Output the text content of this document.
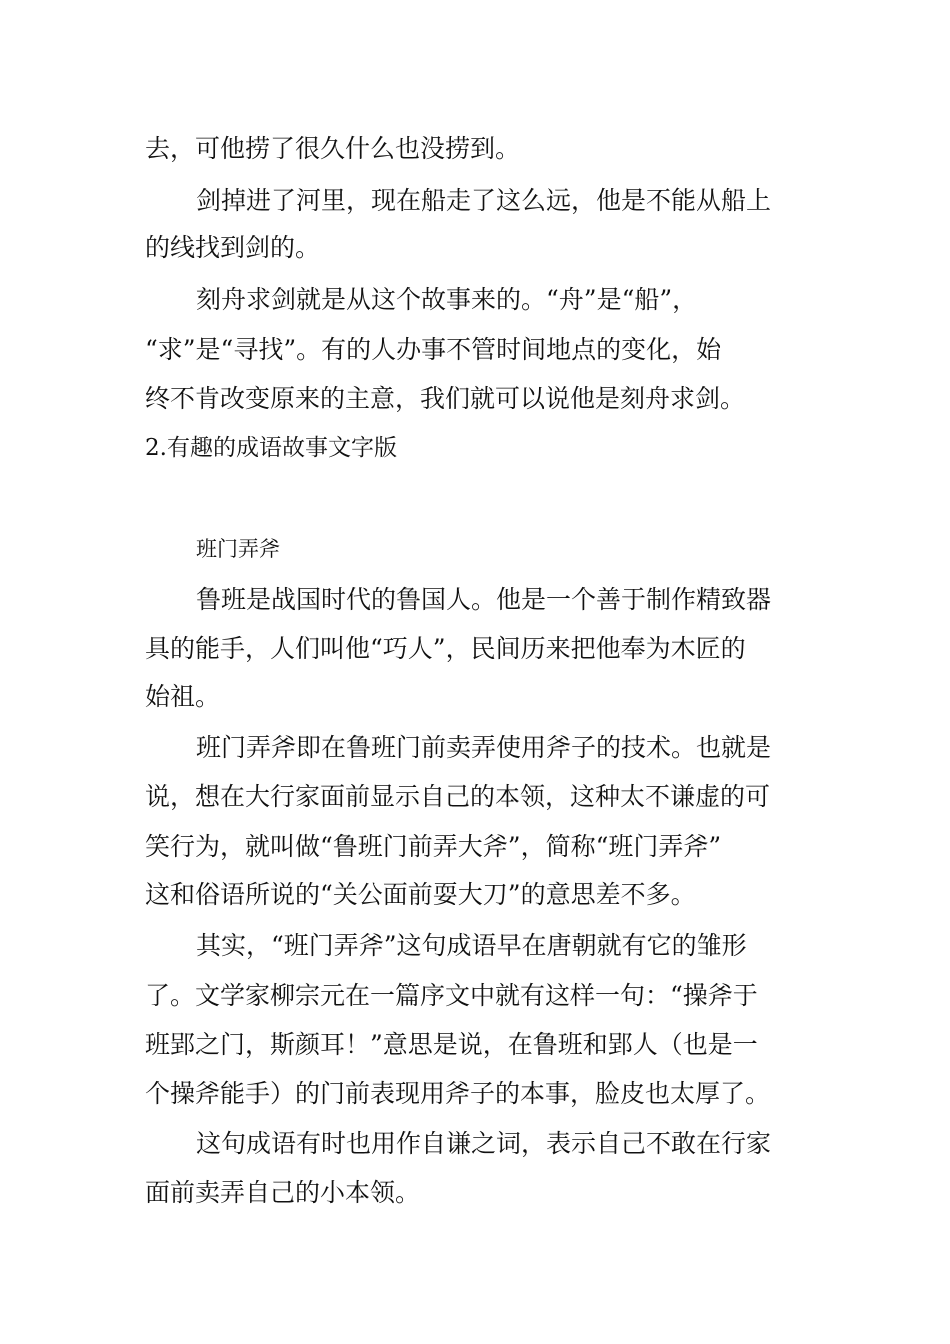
去，可他捞了很久什么也没捞到。
剑掉进了河里，现在船走了这么远，他是不能从船上
的线找到剑的。
刻舟求剑就是从这个故事来的。“舟”是“船”，
“求”是“寻找”。有的人办事不管时间地点的变化，始
终不肯改变原来的主意，我们就可以说他是刻舟求剑。
2.有趣的成语故事文字版
班门弄斧
鲁班是战国时代的鲁国人。他是一个善于制作精致器
具的能手，人们叫他“巧人”，民间历来把他奉为木匠的
始祖。
班门弄斧即在鲁班门前卖弄使用斧子的技术。也就是
说，想在大行家面前显示自己的本领，这种太不谦虚的可
笑行为，就叫做“鲁班门前弄大斧”，简称“班门弄斧”
这和俗语所说的“关公面前耍大刀”的意思差不多。
其实，“班门弄斧”这句成语早在唐朝就有它的雏形
了。文学家柳宗元在一篇序文中就有这样一句：“操斧于
班郢之门，斯颜耳！”意思是说，在鲁班和郢人（也是一
个操斧能手）的门前表现用斧子的本事，脸皮也太厚了。
这句成语有时也用作自谦之词，表示自己不敢在行家
面前卖弄自己的小本领。
